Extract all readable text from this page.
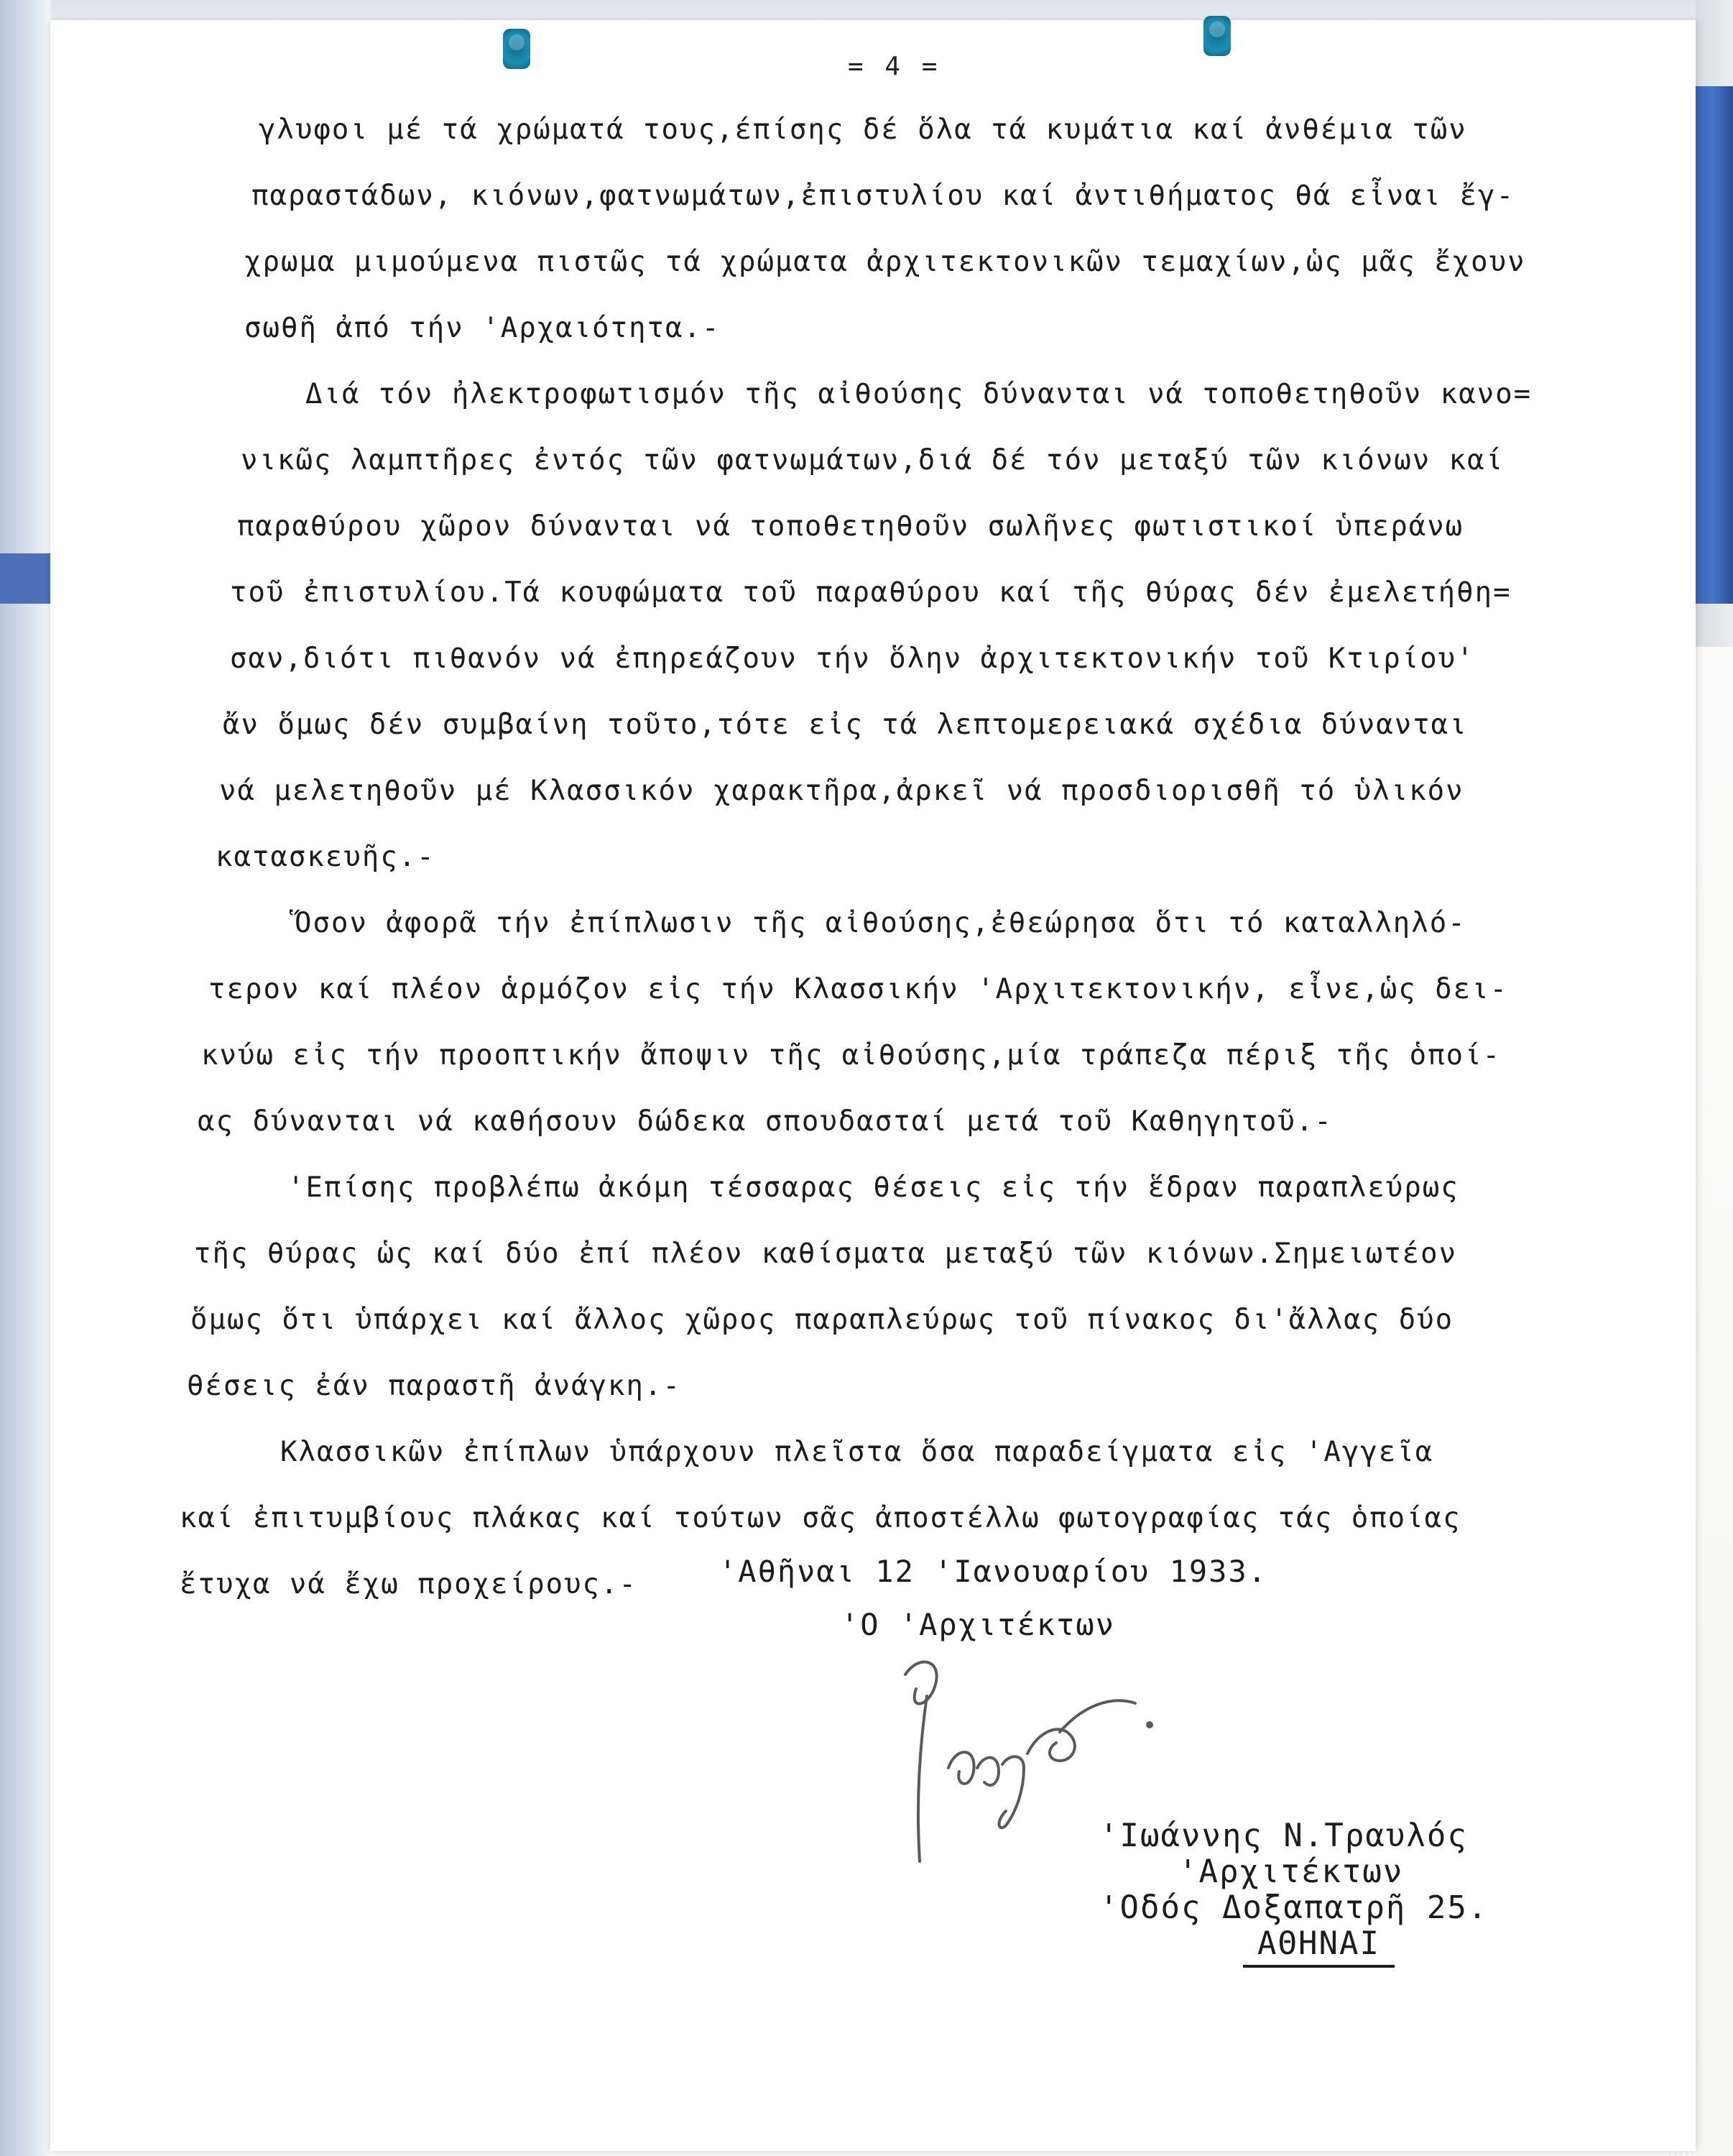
= 4 =
γλυφοι μέ τά χρώματά τους,έπίσης δέ ὅλα τά κυμάτια καί ἀνθέμια τῶν
παραστάδων, κιόνων,φατνωμάτων,ἐπιστυλίου καί ἀντιθήματος θά εἶναι ἔγ-
χρωμα μιμούμενα πιστῶς τά χρώματα ἀρχιτεκτονικῶν τεμαχίων,ὡς μᾶς ἔχουν
σωθῆ ἀπό τήν 'Αρχαιότητα.-
Διά τόν ἠλεκτροφωτισμόν τῆς αἰθούσης δύνανται νά τοποθετηθοῦν κανο=
νικῶς λαμπτῆρες ἐντός τῶν φατνωμάτων,διά δέ τόν μεταξύ τῶν κιόνων καί
παραθύρου χῶρον δύνανται νά τοποθετηθοῦν σωλῆνες φωτιστικοί ὑπεράνω
τοῦ ἐπιστυλίου.Τά κουφώματα τοῦ παραθύρου καί τῆς θύρας δέν ἐμελετήθη=
σαν,διότι πιθανόν νά ἐπηρεάζουν τήν ὅλην ἀρχιτεκτονικήν τοῦ Κτιρίου'
ἄν ὅμως δέν συμβαίνη τοῦτο,τότε εἰς τά λεπτομερειακά σχέδια δύνανται
νά μελετηθοῦν μέ Κλασσικόν χαρακτῆρα,ἀρκεῖ νά προσδιορισθῆ τό ὑλικόν
κατασκευῆς.-
Ὅσον ἀφορᾶ τήν ἐπίπλωσιν τῆς αἰθούσης,ἐθεώρησα ὅτι τό καταλληλό-
τερον καί πλέον ἁρμόζον εἰς τήν Κλασσικήν 'Αρχιτεκτονικήν, εἶνε,ὡς δει-
κνύω εἰς τήν προοπτικήν ἄποψιν τῆς αἰθούσης,μία τράπεζα πέριξ τῆς ὁποί-
ας δύνανται νά καθήσουν δώδεκα σπουδασταί μετά τοῦ Καθηγητοῦ.-
'Επίσης προβλέπω ἀκόμη τέσσαρας θέσεις εἰς τήν ἕδραν παραπλεύρως
τῆς θύρας ὡς καί δύο ἐπί πλέον καθίσματα μεταξύ τῶν κιόνων.Σημειωτέον
ὅμως ὅτι ὑπάρχει καί ἄλλος χῶρος παραπλεύρως τοῦ πίνακος δι'ἄλλας δύο
θέσεις ἐάν παραστῆ ἀνάγκη.-
Κλασσικῶν ἐπίπλων ὑπάρχουν πλεῖστα ὅσα παραδείγματα εἰς 'Αγγεῖα
καί ἐπιτυμβίους πλάκας καί τούτων σᾶς ἀποστέλλω φωτογραφίας τάς ὁποίας
ἔτυχα νά ἔχω προχείρους.-	'Αθῆναι 12 'Ιανουαρίου 1933.
'Ο 'Αρχιτέκτων
'Ιωάννης Ν.Τραυλός
'Αρχιτέκτων
'Οδός Δοξαπατρῆ 25.
ΑΘΗΝΑΙ
